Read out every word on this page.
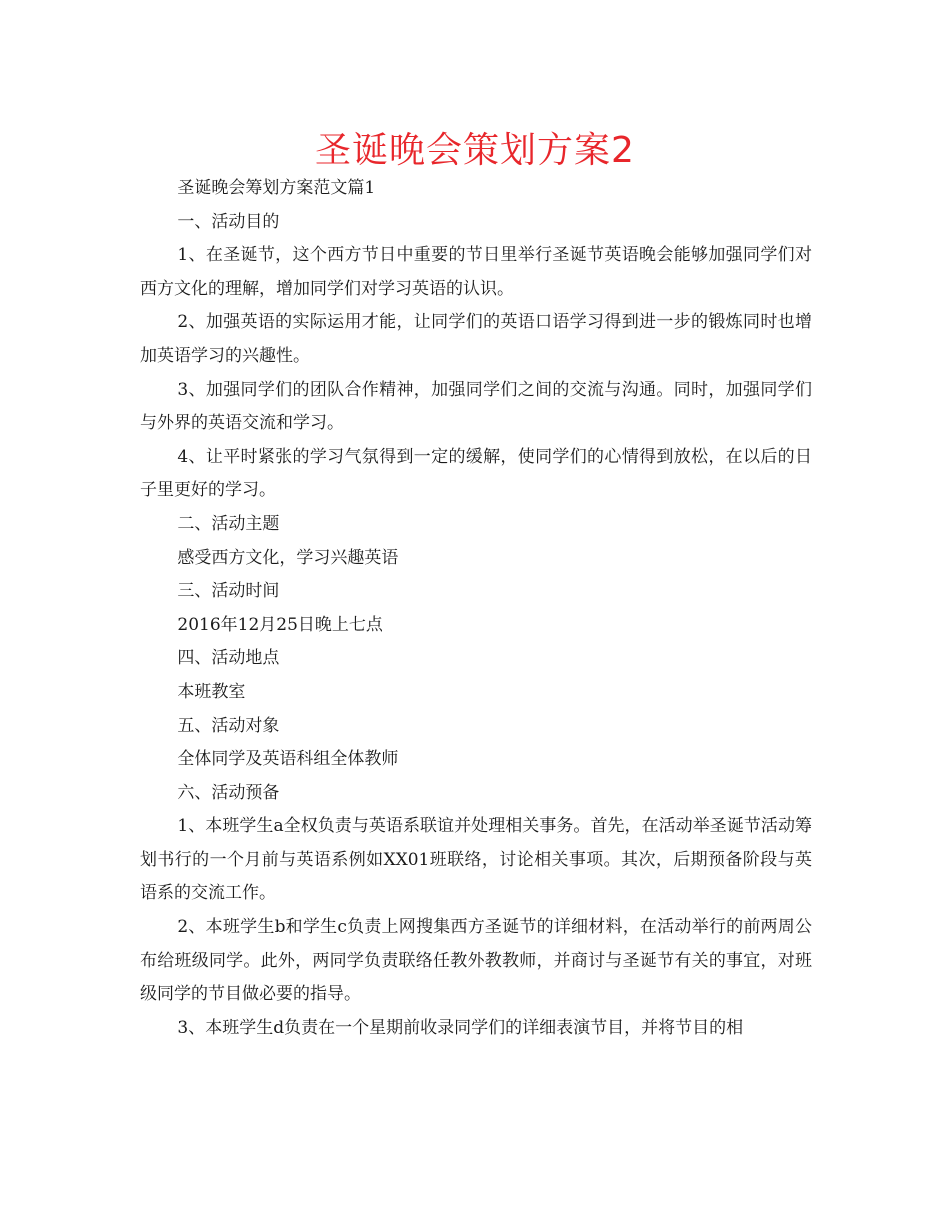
圣诞晚会策划方案2

圣诞晚会筹划方案范文篇1

一、活动目的

1、在圣诞节，这个西方节日中重要的节日里举行圣诞节英语晚会能够加强同学们对西方文化的理解，增加同学们对学习英语的认识。

2、加强英语的实际运用才能，让同学们的英语口语学习得到进一步的锻炼同时也增加英语学习的兴趣性。

3、加强同学们的团队合作精神，加强同学们之间的交流与沟通。同时，加强同学们与外界的英语交流和学习。

4、让平时紧张的学习气氛得到一定的缓解，使同学们的心情得到放松，在以后的日子里更好的学习。

二、活动主题

感受西方文化，学习兴趣英语

三、活动时间

2016年12月25日晚上七点

四、活动地点

本班教室

五、活动对象

全体同学及英语科组全体教师

六、活动预备

1、本班学生a全权负责与英语系联谊并处理相关事务。首先，在活动举圣诞节活动筹划书行的一个月前与英语系例如XX01班联络，讨论相关事项。其次，后期预备阶段与英语系的交流工作。

2、本班学生b和学生c负责上网搜集西方圣诞节的详细材料，在活动举行的前两周公布给班级同学。此外，两同学负责联络任教外教教师，并商讨与圣诞节有关的事宜，对班级同学的节目做必要的指导。

3、本班学生d负责在一个星期前收录同学们的详细表演节目，并将节目的相
